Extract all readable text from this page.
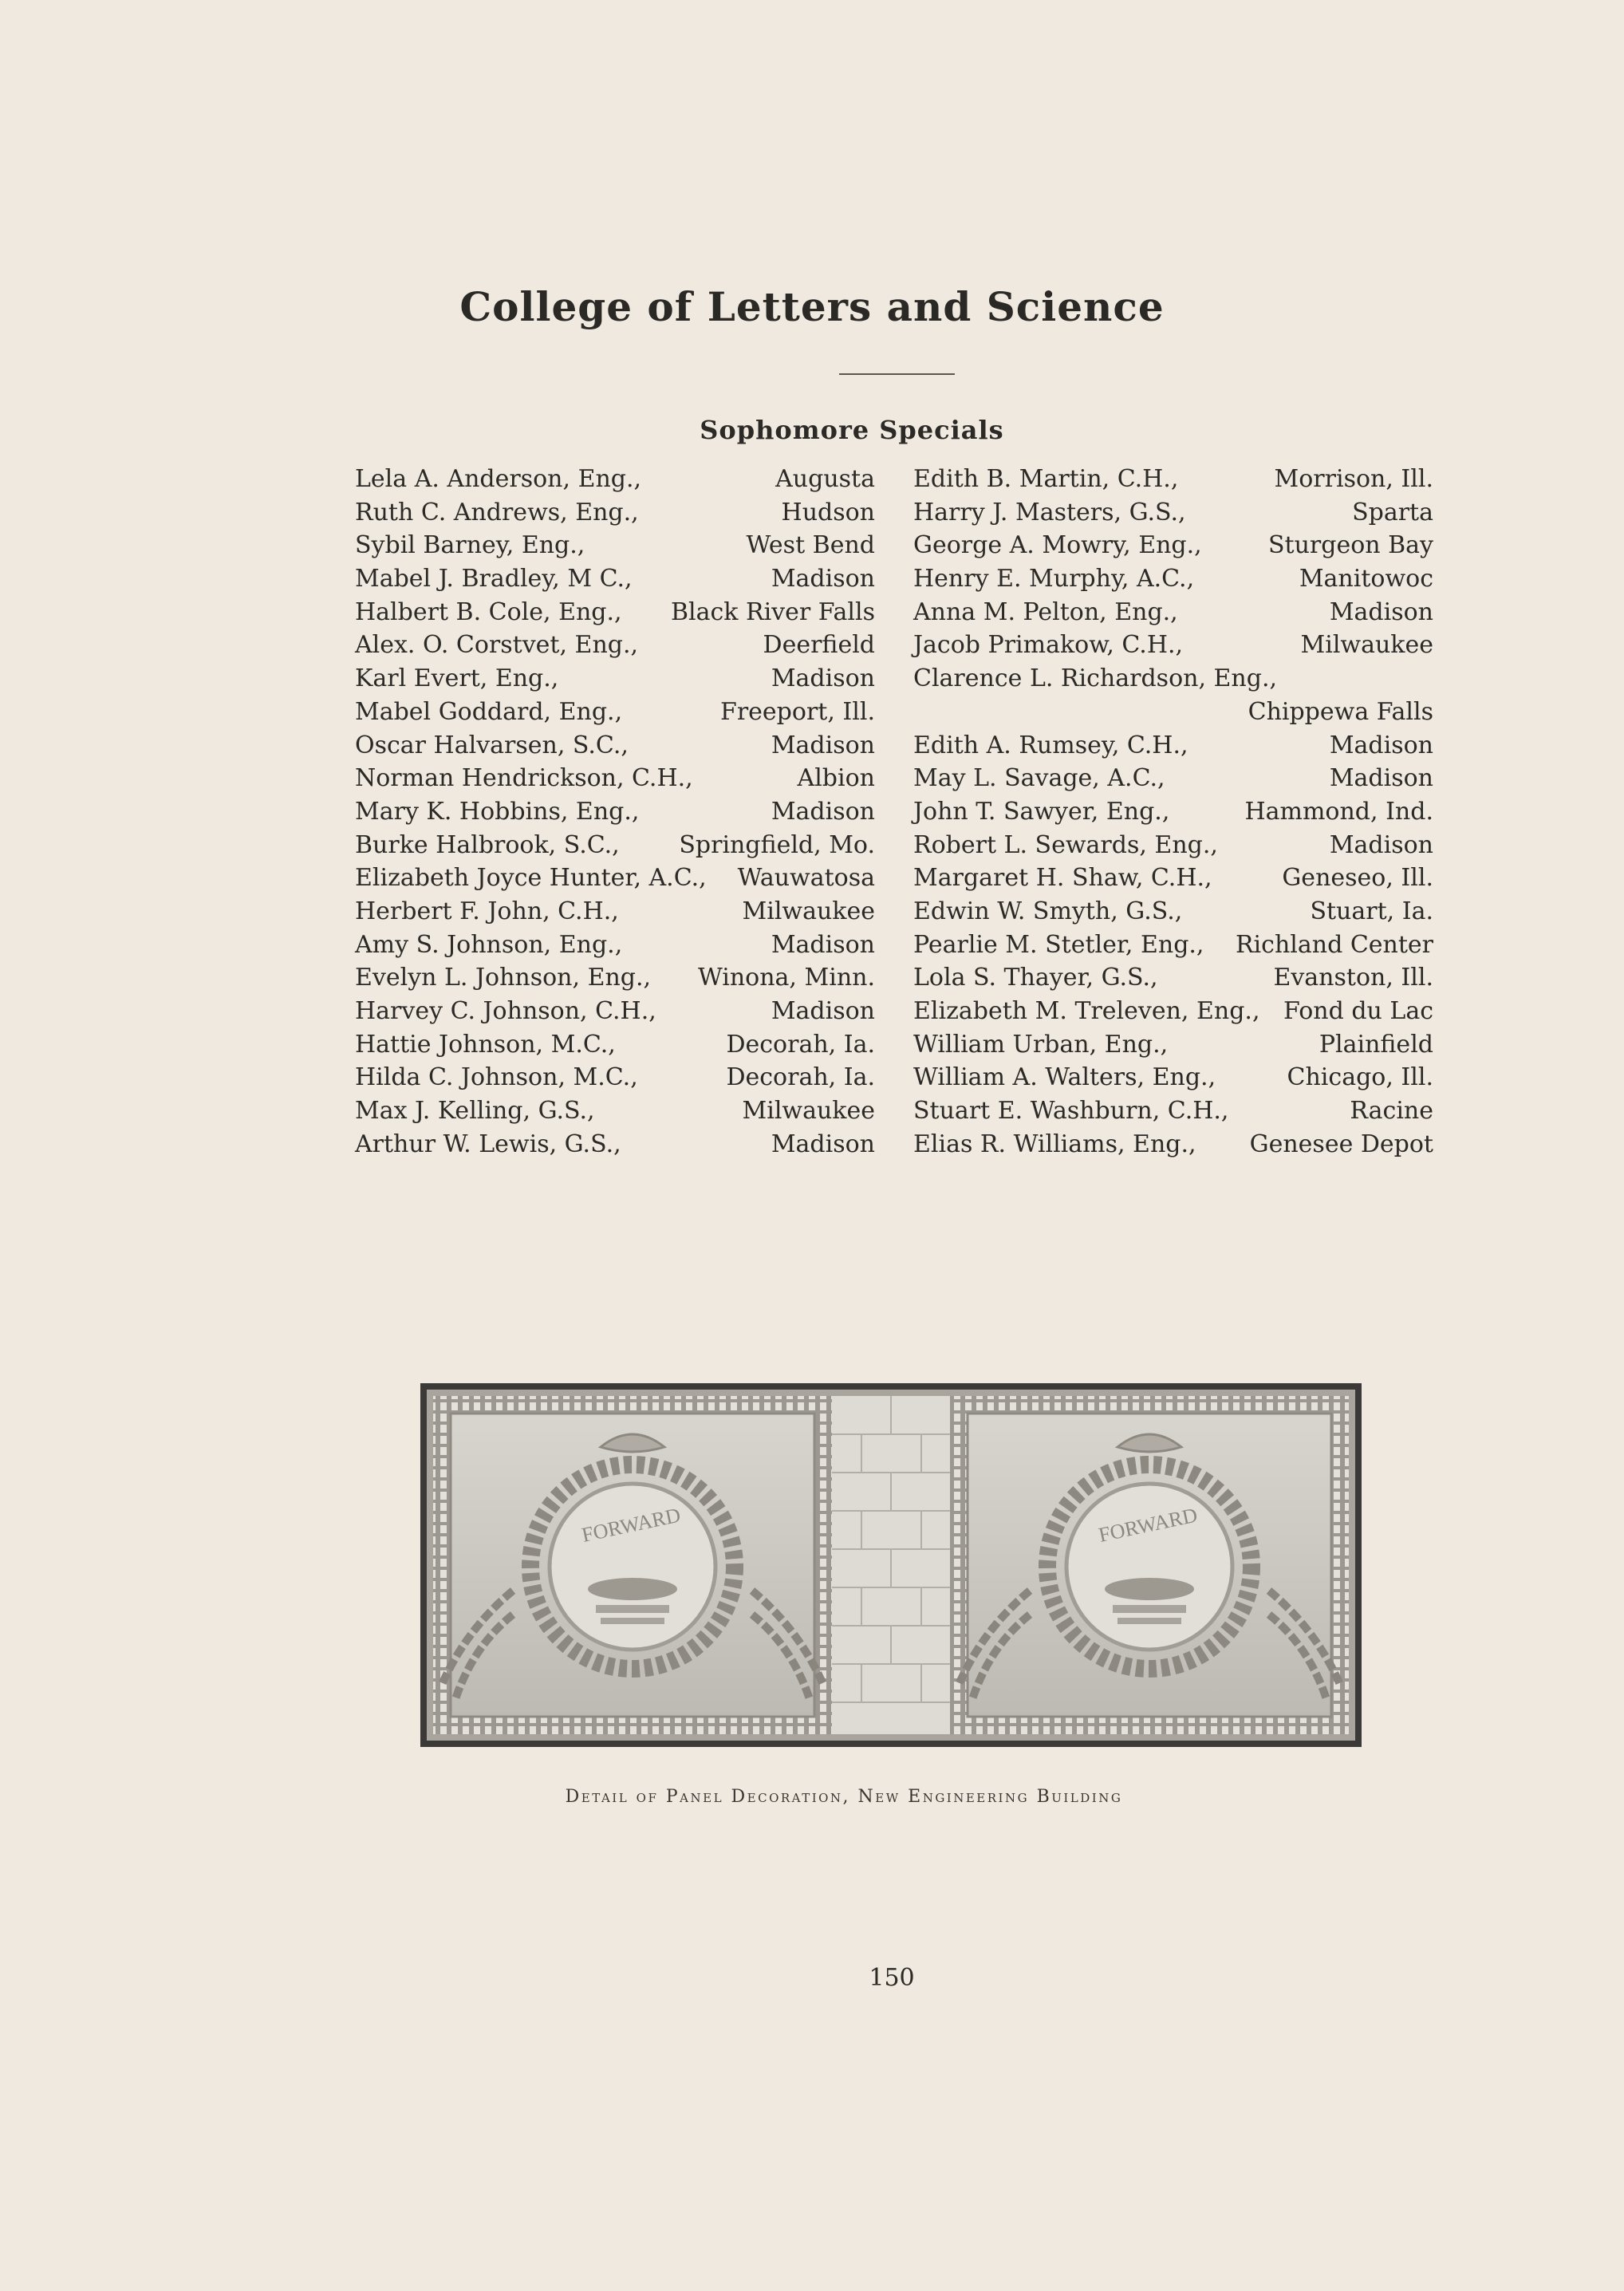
College of Letters and Science
Sophomore Specials
Lela A. Anderson, Eng.,	Augusta
Ruth C. Andrews, Eng.,	Hudson
Sybil Barney, Eng.,	West Bend
Mabel J. Bradley, M C.,	Madison
Halbert B. Cole, Eng., Black River Falls
Alex. O. Corstvet, Eng.,	Deerfield
Karl Evert, Eng.,	Madison
Mabel Goddard, Eng.,	Freeport, Ill.
Oscar Halvarsen, S.C.,	Madison
Norman Hendrickson, C.H.,	Albion
Mary K. Hobbins, Eng.,	Madison
Burke Halbrook, S.C., Springfield, Mo.
Elizabeth Joyce Hunter, A.C., Wauwatosa
Herbert F. John, C.H.,	Milwaukee
Amy S. Johnson, Eng.,	Madison
Evelyn L. Johnson, Eng., Winona, Minn.
Harvey C. Johnson, C.H.,	Madison
Hattie Johnson, M.C.,	Decorah, Ia.
Hilda C. Johnson, M.C.,	Decorah, Ia.
Max J. Kelling, G.S.,	Milwaukee
Arthur W. Lewis, G.S.,	Madison
Edith B. Martin, C.H.,	Morrison, Ill.
Harry J. Masters, G.S.,	Sparta
George A. Mowry, Eng.,	Sturgeon Bay
Henry E. Murphy, A.C.,	Manitowoc
Anna M. Pelton, Eng.,	Madison
Jacob Primakow, C.H.,	Milwaukee
Clarence L. Richardson, Eng.,
Chippewa Falls
Edith A. Rumsey, C.H.,	Madison
May L. Savage, A.C.,	Madison
John T. Sawyer, Eng.,	Hammond, Ind.
Robert L. Sewards, Eng.,	Madison
Margaret H. Shaw, C.H.,	Geneseo, Ill.
Edwin W. Smyth, G.S.,	Stuart, Ia.
Pearlie M. Stetler, Eng., Richland Center
Lola S. Thayer, G.S.,	Evanston, Ill.
Elizabeth M. Treleven, Eng., Fond du Lac
William Urban, Eng.,	Plainfield
William A. Walters, Eng.,	Chicago, Ill.
Stuart E. Washburn, C.H.,	Racine
Elias R. Williams, Eng., Genesee Depot
FORWARD	FORWARD
Detail of Panel Decoration, New Engineering Building
150
